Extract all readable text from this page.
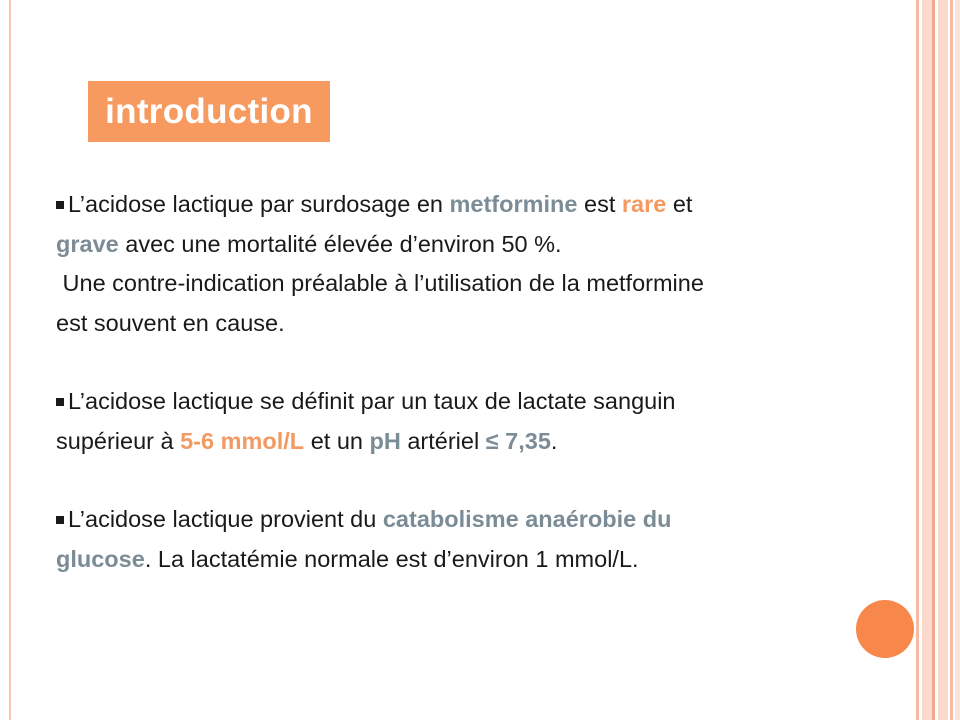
introduction

L’acidose lactique par surdosage en metformine est rare et
grave avec une mortalité élevée d’environ 50 %.
Une contre-indication préalable à l’utilisation de la metformine
est souvent en cause.

L’acidose lactique se définit par un taux de lactate sanguin
supérieur à 5-6 mmol/L et un pH artériel ≤ 7,35.

L’acidose lactique provient du catabolisme anaérobie du
glucose. La lactatémie normale est d’environ 1 mmol/L.
